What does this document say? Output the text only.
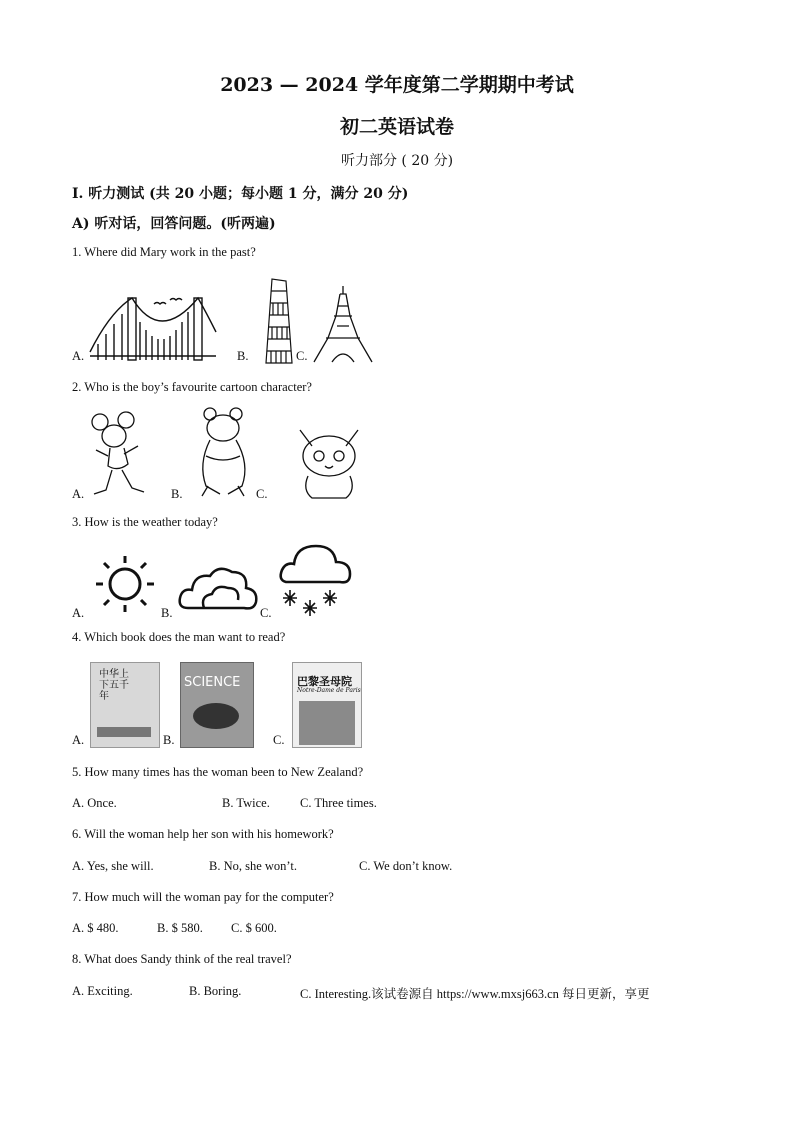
2023 — 2024 学年度第二学期期中考试
初二英语试卷
听力部分 ( 20 分)
I. 听力测试 (共 20 小题；每小题 1 分，满分 20 分)
A) 听对话，回答问题。(听两遍)
1. Where did Mary work in the past?
A.	B.	C.
2. Who is the boy’s favourite cartoon character?
A.	B.	C.
3. How is the weather today?
A.	B.	C.
4. Which book does the man want to read?
A.
中华上下五千年
B.
SCIENCE
C.
巴黎圣母院
Notre-Dame de Paris
5. How many times has the woman been to New Zealand?
A. Once.	B. Twice. C. Three times.
6. Will the woman help her son with his homework?
A. Yes, she will.	B. No, she won’t.	C. We don’t know.
7. How much will the woman pay for the computer?
A. $ 480.	B. $ 580. C. $ 600.
8. What does Sandy think of the real travel?
A. Exciting.	B. Boring.	C. Interesting.该试卷源自 https://www.mxsj663.cn 每日更新，享更
